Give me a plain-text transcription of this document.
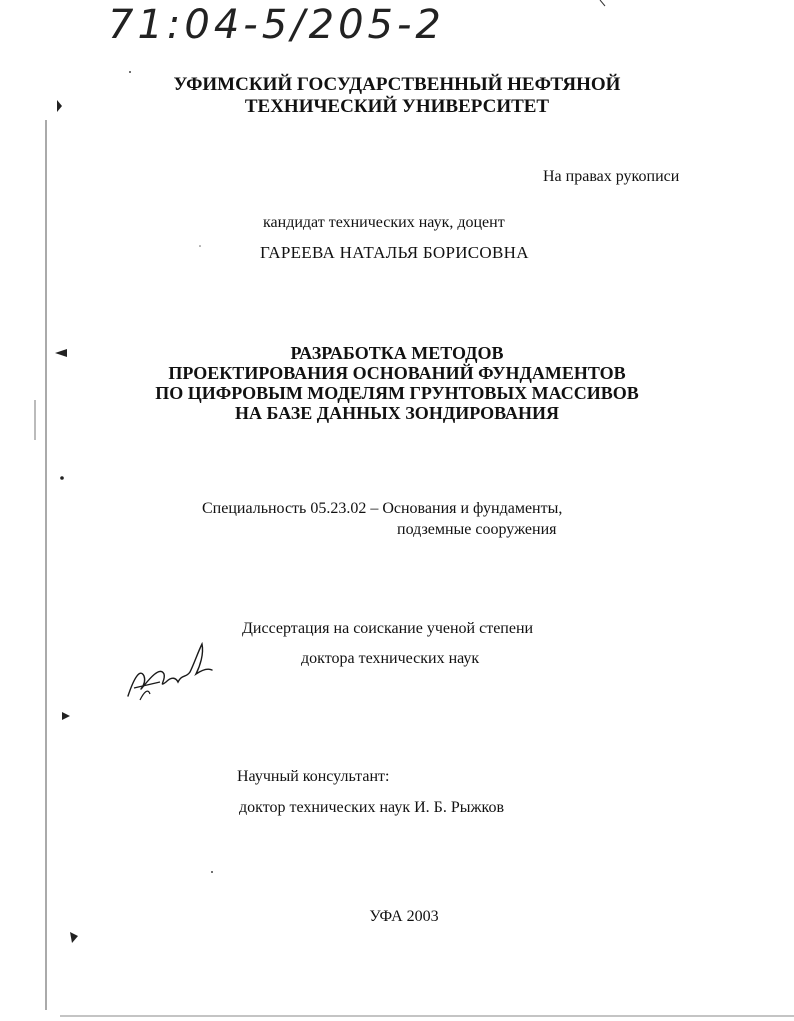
71:04-5/205-2
УФИМСКИЙ ГОСУДАРСТВЕННЫЙ НЕФТЯНОЙ
ТЕХНИЧЕСКИЙ УНИВЕРСИТЕТ
На правах рукописи
кандидат технических наук, доцент
ГАРЕЕВА НАТАЛЬЯ БОРИСОВНА
РАЗРАБОТКА МЕТОДОВ
ПРОЕКТИРОВАНИЯ ОСНОВАНИЙ ФУНДАМЕНТОВ
ПО ЦИФРОВЫМ МОДЕЛЯМ ГРУНТОВЫХ МАССИВОВ
НА БАЗЕ ДАННЫХ ЗОНДИРОВАНИЯ
Специальность 05.23.02 – Основания и фундаменты,
подземные сооружения
Диссертация на соискание ученой степени
доктора технических наук
Научный консультант:
доктор технических наук И. Б. Рыжков
УФА 2003
